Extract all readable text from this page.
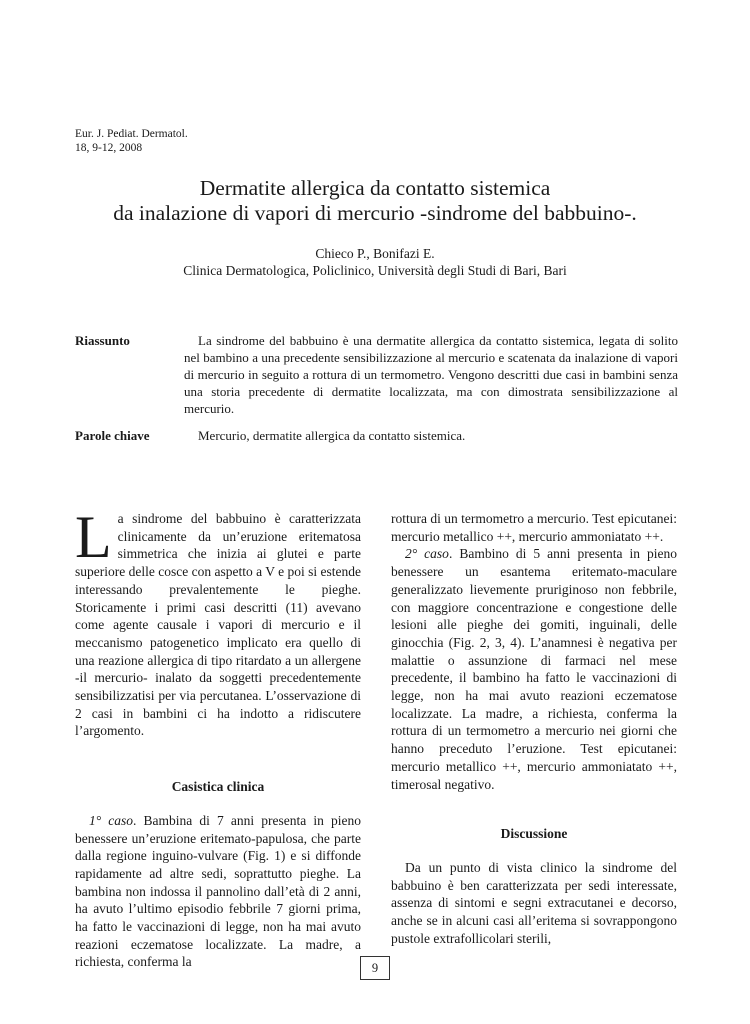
Eur. J. Pediat. Dermatol.
18, 9-12, 2008
Dermatite allergica da contatto sistemica
da inalazione di vapori di mercurio -sindrome del babbuino-.
Chieco P., Bonifazi E.
Clinica Dermatologica, Policlinico, Università degli Studi di Bari, Bari
Riassunto	La sindrome del babbuino è una dermatite allergica da contatto sistemica, legata di solito nel bambino a una precedente sensibilizzazione al mercurio e scatenata da inalazione di vapori di mercurio in seguito a rottura di un termometro. Vengono descritti due casi in bambini senza una storia precedente di dermatite localizzata, ma con dimostrata sensibilizzazione al mercurio.
Parole chiave	Mercurio, dermatite allergica da contatto sistemica.

La sindrome del babbuino è caratterizzata clinicamente da un’eruzione eritematosa simmetrica che inizia ai glutei e parte superiore delle cosce con aspetto a V e poi si estende interessando prevalentemente le pieghe. Storicamente i primi casi descritti (11) avevano come agente causale i vapori di mercurio e il meccanismo patogenetico implicato era quello di una reazione allergica di tipo ritardato a un allergene -il mercurio- inalato da soggetti precedentemente sensibilizzatisi per via percutanea. L’osservazione di 2 casi in bambini ci ha indotto a ridiscutere l’argomento.

Casistica clinica

1° caso. Bambina di 7 anni presenta in pieno benessere un’eruzione eritemato-papulosa, che parte dalla regione inguino-vulvare (Fig. 1) e si diffonde rapidamente ad altre sedi, soprattutto pieghe. La bambina non indossa il pannolino dall’età di 2 anni, ha avuto l’ultimo episodio febbrile 7 giorni prima, ha fatto le vaccinazioni di legge, non ha mai avuto reazioni eczematose localizzate. La madre, a richiesta, conferma la

rottura di un termometro a mercurio. Test epicutanei: mercurio metallico ++, mercurio ammoniatato ++.

2° caso. Bambino di 5 anni presenta in pieno benessere un esantema eritemato-maculare generalizzato lievemente pruriginoso non febbrile, con maggiore concentrazione e congestione delle lesioni alle pieghe dei gomiti, inguinali, delle ginocchia (Fig. 2, 3, 4). L’anamnesi è negativa per malattie o assunzione di farmaci nel mese precedente, il bambino ha fatto le vaccinazioni di legge, non ha mai avuto reazioni eczematose localizzate. La madre, a richiesta, conferma la rottura di un termometro a mercurio nei giorni che hanno preceduto l’eruzione. Test epicutanei: mercurio metallico ++, mercurio ammoniatato ++, timerosal negativo.

Discussione

Da un punto di vista clinico la sindrome del babbuino è ben caratterizzata per sedi interessate, assenza di sintomi e segni extracutanei e decorso, anche se in alcuni casi all’eritema si sovrappongono pustole extrafollicolari sterili,

9
